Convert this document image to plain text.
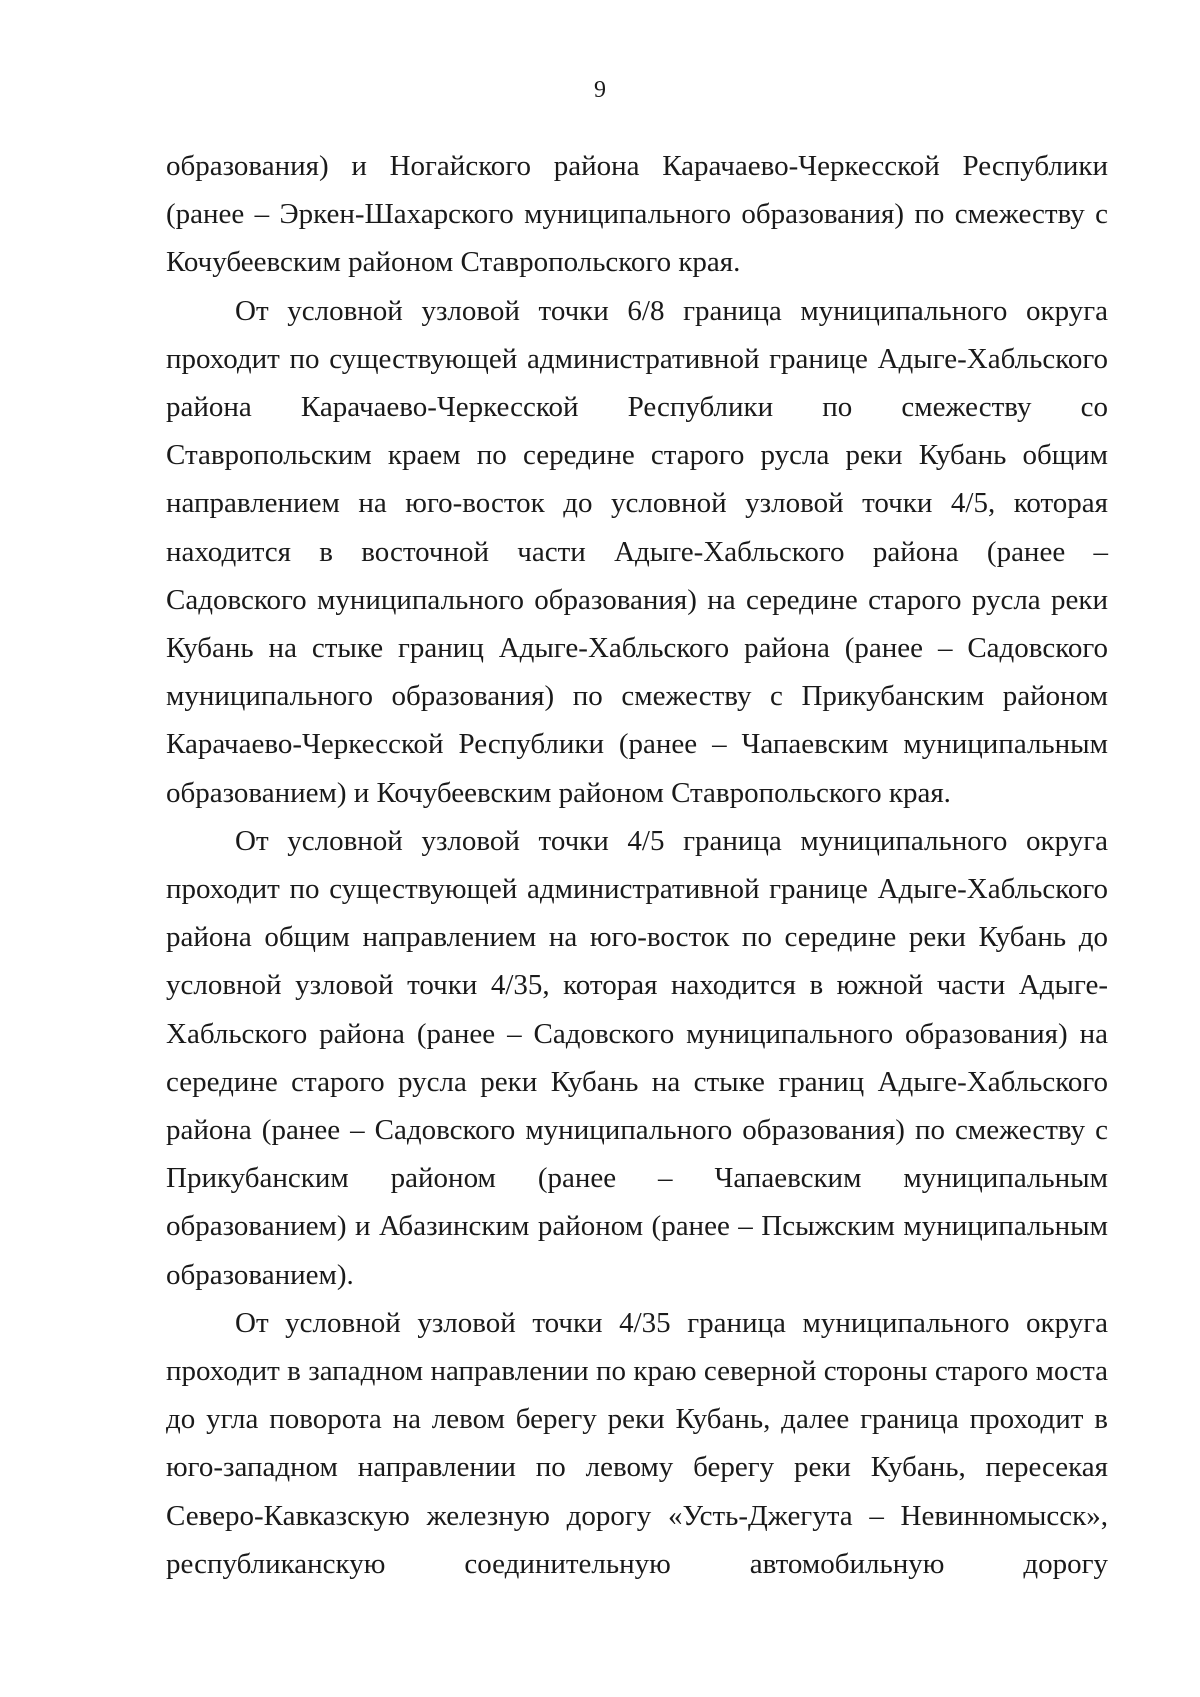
9

образования) и Ногайского района Карачаево-Черкесской Республики (ранее – Эркен-Шахарского муниципального образования) по смежеству с Кочубеевским районом Ставропольского края.

От условной узловой точки 6/8 граница муниципального округа проходит по существующей административной границе Адыге-Хабльского района Карачаево-Черкесской Республики по смежеству со Ставропольским краем по середине старого русла реки Кубань общим направлением на юго-восток до условной узловой точки 4/5, которая находится в восточной части Адыге-Хабльского района (ранее – Садовского муниципального образования) на середине старого русла реки Кубань на стыке границ Адыге-Хабльского района (ранее – Садовского муниципального образования) по смежеству с Прикубанским районом Карачаево-Черкесской Республики (ранее – Чапаевским муниципальным образованием) и Кочубеевским районом Ставропольского края.

От условной узловой точки 4/5 граница муниципального округа проходит по существующей административной границе Адыге-Хабльского района общим направлением на юго-восток по середине реки Кубань до условной узловой точки 4/35, которая находится в южной части Адыге-Хабльского района (ранее – Садовского муниципального образования) на середине старого русла реки Кубань на стыке границ Адыге-Хабльского района (ранее – Садовского муниципального образования) по смежеству с Прикубанским районом (ранее – Чапаевским муниципальным образованием) и Абазинским районом (ранее – Псыжским муниципальным образованием).

От условной узловой точки 4/35 граница муниципального округа проходит в западном направлении по краю северной стороны старого моста до угла поворота на левом берегу реки Кубань, далее граница проходит в юго-западном направлении по левому берегу реки Кубань, пересекая Северо-Кавказскую железную дорогу «Усть-Джегута – Невинномысск», республиканскую соединительную автомобильную дорогу
